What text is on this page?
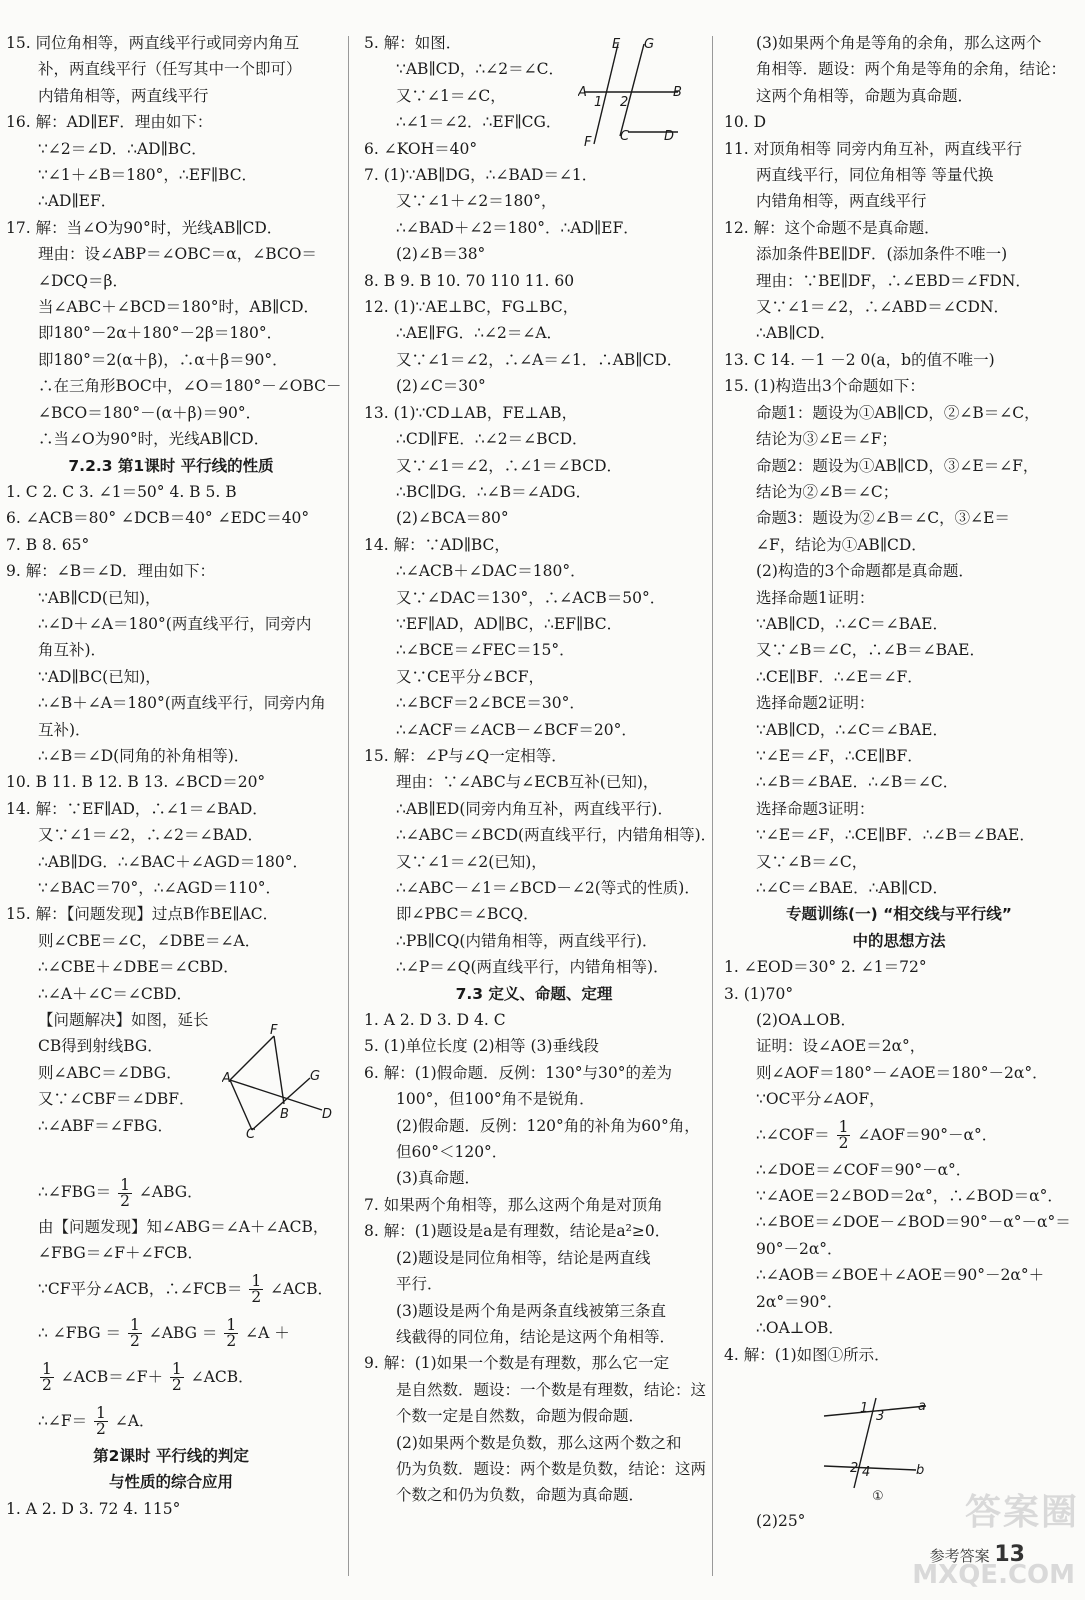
15. 同位角相等，两直线平行或同旁内角互
补，两直线平行（任写其中一个即可）
内错角相等，两直线平行
16. 解：AD∥EF．理由如下：
∵∠2＝∠D．∴AD∥BC．
∵∠1＋∠B＝180°，∴EF∥BC．
∴AD∥EF．
17. 解：当∠O为90°时，光线AB∥CD．
理由：设∠ABP＝∠OBC＝α，∠BCO＝
∠DCQ＝β．
当∠ABC＋∠BCD＝180°时，AB∥CD．
即180°－2α＋180°－2β＝180°．
即180°＝2(α＋β)，∴α＋β＝90°．
∴在三角形BOC中，∠O＝180°－∠OBC－
∠BCO＝180°－(α＋β)＝90°．
∴当∠O为90°时，光线AB∥CD．
7.2.3 第1课时 平行线的性质
1. C 2. C 3. ∠1＝50° 4. B 5. B
6. ∠ACB＝80° ∠DCB＝40° ∠EDC＝40°
7. B 8. 65°
9. 解：∠B＝∠D．理由如下：
∵AB∥CD(已知)，
∴∠D＋∠A＝180°(两直线平行，同旁内
角互补)．
∵AD∥BC(已知)，
∴∠B＋∠A＝180°(两直线平行，同旁内角
互补)．
∴∠B＝∠D(同角的补角相等)．
10. B 11. B 12. B 13. ∠BCD＝20°
14. 解：∵EF∥AD，∴∠1＝∠BAD．
又∵∠1＝∠2，∴∠2＝∠BAD．
∴AB∥DG．∴∠BAC＋∠AGD＝180°．
∵∠BAC＝70°，∴∠AGD＝110°．
15. 解：【问题发现】过点B作BE∥AC．
则∠CBE＝∠C，∠DBE＝∠A．
∴∠CBE＋∠DBE＝∠CBD．
∴∠A＋∠C＝∠CBD．
【问题解决】如图，延长
CB得到射线BG．
则∠ABC＝∠DBG．
又∵∠CBF＝∠DBF．
∴∠ABF＝∠FBG．
∴∠FBG＝ $\frac{1}{2}$ ∠ABG．
由【问题发现】知∠ABG＝∠A＋∠ACB，
∠FBG＝∠F＋∠FCB．
∵CF平分∠ACB，∴∠FCB＝ $\frac{1}{2}$ ∠ACB．
∴ ∠FBG ＝ $\frac{1}{2}$ ∠ABG ＝ $\frac{1}{2}$ ∠A ＋
$\frac{1}{2}$ ∠ACB＝∠F＋ $\frac{1}{2}$ ∠ACB．
∴∠F＝ $\frac{1}{2}$ ∠A．
第2课时 平行线的判定
与性质的综合应用
1. A 2. D 3. 72 4. 115°
5. 解：如图．
∵AB∥CD，∴∠2＝∠C．
又∵∠1＝∠C，
∴∠1＝∠2．∴EF∥CG．
6. ∠KOH＝40°
7. (1)∵AB∥DG，∴∠BAD＝∠1．
又∵∠1＋∠2＝180°，
∴∠BAD＋∠2＝180°．∴AD∥EF．
(2)∠B＝38°
8. B 9. B 10. 70 110 11. 60
12. (1)∵AE⊥BC，FG⊥BC，
∴AE∥FG．∴∠2＝∠A．
又∵∠1＝∠2，∴∠A＝∠1．∴AB∥CD．
(2)∠C＝30°
13. (1)∵CD⊥AB，FE⊥AB，
∴CD∥FE．∴∠2＝∠BCD．
又∵∠1＝∠2，∴∠1＝∠BCD．
∴BC∥DG．∴∠B＝∠ADG．
(2)∠BCA＝80°
14. 解：∵AD∥BC，
∴∠ACB＋∠DAC＝180°．
又∵∠DAC＝130°，∴∠ACB＝50°．
∵EF∥AD，AD∥BC，∴EF∥BC．
∴∠BCE＝∠FEC＝15°．
又∵CE平分∠BCF，
∴∠BCF＝2∠BCE＝30°．
∴∠ACF＝∠ACB－∠BCF＝20°．
15. 解：∠P与∠Q一定相等．
理由：∵∠ABC与∠ECB互补(已知)，
∴AB∥ED(同旁内角互补，两直线平行)．
∴∠ABC＝∠BCD(两直线平行，内错角相等)．
又∵∠1＝∠2(已知)，
∴∠ABC－∠1＝∠BCD－∠2(等式的性质)．
即∠PBC＝∠BCQ．
∴PB∥CQ(内错角相等，两直线平行)．
∴∠P＝∠Q(两直线平行，内错角相等)．
7.3 定义、命题、定理
1. A 2. D 3. D 4. C
5. (1)单位长度 (2)相等 (3)垂线段
6. 解：(1)假命题．反例：130°与30°的差为
100°，但100°角不是锐角．
(2)假命题．反例：120°角的补角为60°角，
但60°＜120°．
(3)真命题．
7. 如果两个角相等，那么这两个角是对顶角
8. 解：(1)题设是a是有理数，结论是a²≥0．
(2)题设是同位角相等，结论是两直线
平行．
(3)题设是两个角是两条直线被第三条直
线截得的同位角，结论是这两个角相等．
9. 解：(1)如果一个数是有理数，那么它一定
是自然数．题设：一个数是有理数，结论：这
个数一定是自然数，命题为假命题．
(2)如果两个数是负数，那么这两个数之和
仍为负数．题设：两个数是负数，结论：这两
个数之和仍为负数，命题为真命题．
(3)如果两个角是等角的余角，那么这两个
角相等．题设：两个角是等角的余角，结论：
这两个角相等，命题为真命题．
10. D
11. 对顶角相等 同旁内角互补，两直线平行
两直线平行，同位角相等 等量代换
内错角相等，两直线平行
12. 解：这个命题不是真命题．
添加条件BE∥DF．(添加条件不唯一)
理由：∵BE∥DF，∴∠EBD＝∠FDN．
又∵∠1＝∠2，∴∠ABD＝∠CDN．
∴AB∥CD．
13. C 14. －1 －2 0(a，b的值不唯一)
15. (1)构造出3个命题如下：
命题1：题设为①AB∥CD，②∠B＝∠C，
结论为③∠E＝∠F；
命题2：题设为①AB∥CD，③∠E＝∠F，
结论为②∠B＝∠C；
命题3：题设为②∠B＝∠C，③∠E＝
∠F，结论为①AB∥CD．
(2)构造的3个命题都是真命题．
选择命题1证明：
∵AB∥CD，∴∠C＝∠BAE．
又∵∠B＝∠C，∴∠B＝∠BAE．
∴CE∥BF．∴∠E＝∠F．
选择命题2证明：
∵AB∥CD，∴∠C＝∠BAE．
∵∠E＝∠F，∴CE∥BF．
∴∠B＝∠BAE．∴∠B＝∠C．
选择命题3证明：
∵∠E＝∠F，∴CE∥BF．∴∠B＝∠BAE．
又∵∠B＝∠C，
∴∠C＝∠BAE．∴AB∥CD．
专题训练(一) “相交线与平行线”
中的思想方法
1. ∠EOD＝30° 2. ∠1＝72°
3. (1)70°
(2)OA⊥OB．
证明：设∠AOE＝2α°，
则∠AOF＝180°－∠AOE＝180°－2α°．
∵OC平分∠AOF，
∴∠COF＝ $\frac{1}{2}$ ∠AOF＝90°－α°．
∴∠DOE＝∠COF＝90°－α°．
∵∠AOE＝2∠BOD＝2α°，∴∠BOD＝α°．
∴∠BOE＝∠DOE－∠BOD＝90°－α°－α°＝
90°－2α°．
∴∠AOB＝∠BOE＋∠AOE＝90°－2α°＋
2α°＝90°．
∴OA⊥OB．
4. 解：(1)如图①所示．
(2)25°
E G
A
1 2
B
F C	D
F
A	G
B	D
C
1
3
a
2 4	b
① 答案圈
MXQE.COM
参考答案 13
